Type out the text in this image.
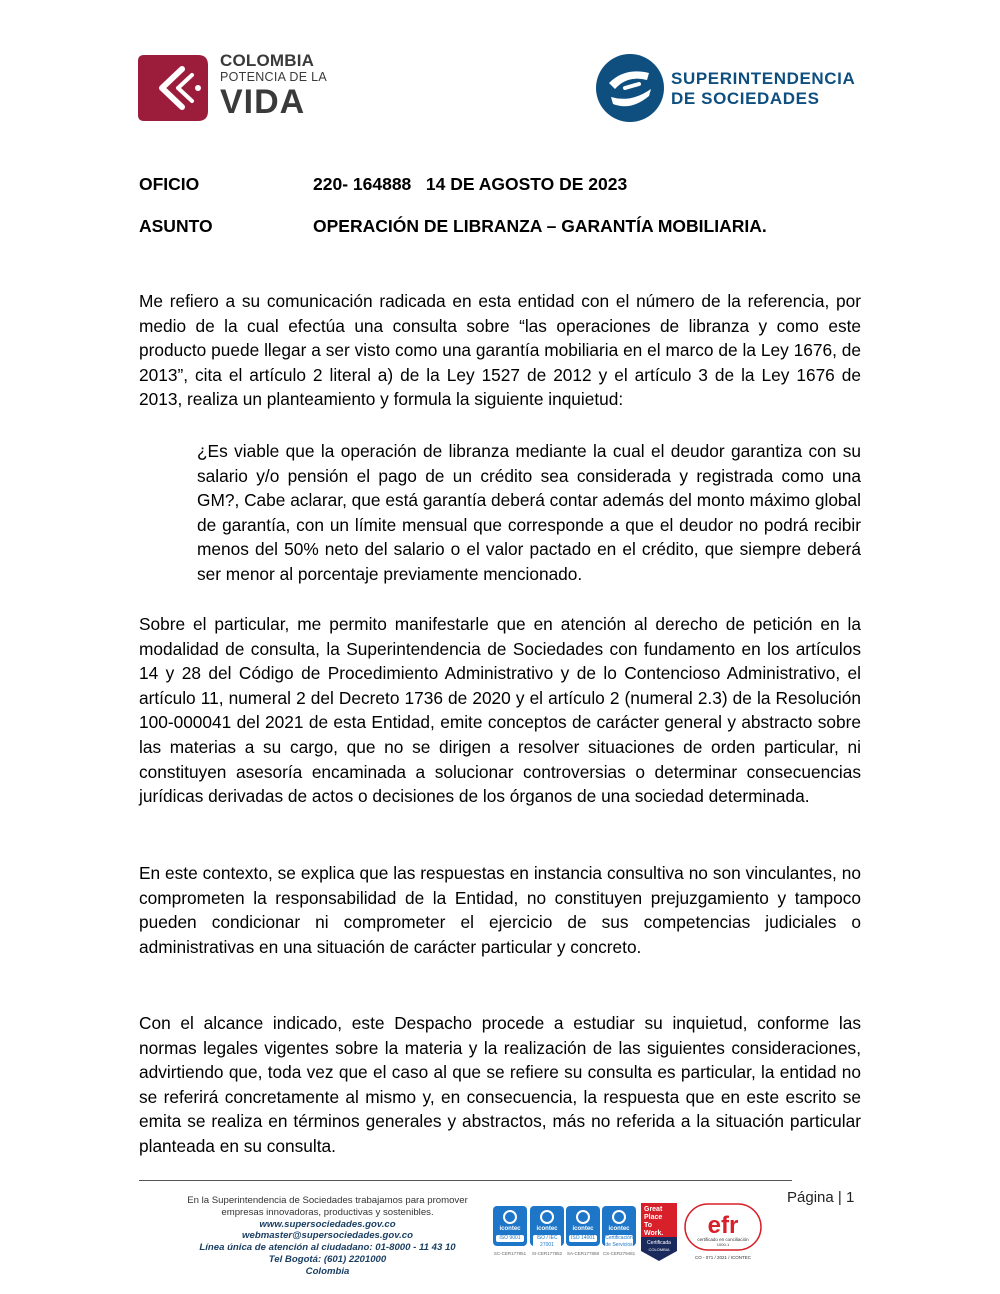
COLOMBIA
POTENCIA DE LA
VIDA
SUPERINTENDENCIA
DE SOCIEDADES
OFICIO	220- 164888   14 DE AGOSTO DE 2023
ASUNTO	OPERACIÓN DE LIBRANZA – GARANTÍA MOBILIARIA.

Me refiero a su comunicación radicada en esta entidad con el número de la referencia, por medio de la cual efectúa una consulta sobre “las operaciones de libranza y como este producto puede llegar a ser visto como una garantía mobiliaria en el marco de la Ley 1676, de 2013”, cita el artículo 2 literal a) de la Ley 1527 de 2012 y el artículo 3 de la Ley 1676 de 2013, realiza un planteamiento y formula la siguiente inquietud:

¿Es viable que la operación de libranza mediante la cual el deudor garantiza con su salario y/o pensión el pago de un crédito sea considerada y registrada como una GM?, Cabe aclarar, que está garantía deberá contar además del monto máximo global de garantía, con un límite mensual que corresponde a que el deudor no podrá recibir menos del 50% neto del salario o el valor pactado en el crédito, que siempre deberá ser menor al porcentaje previamente mencionado.

Sobre el particular, me permito manifestarle que en atención al derecho de petición en la modalidad de consulta, la Superintendencia de Sociedades con fundamento en los artículos 14 y 28 del Código de Procedimiento Administrativo y de lo Contencioso Administrativo, el artículo 11, numeral 2 del Decreto 1736 de 2020 y el artículo 2 (numeral 2.3) de la Resolución 100-000041 del 2021 de esta Entidad, emite conceptos de carácter general y abstracto sobre las materias a su cargo, que no se dirigen a resolver situaciones de orden particular, ni constituyen asesoría encaminada a solucionar controversias o determinar consecuencias jurídicas derivadas de actos o decisiones de los órganos de una sociedad determinada.

En este contexto, se explica que las respuestas en instancia consultiva no son vinculantes, no comprometen la responsabilidad de la Entidad, no constituyen prejuzgamiento y tampoco pueden condicionar ni comprometer el ejercicio de sus competencias judiciales o administrativas en una situación de carácter particular y concreto.

Con el alcance indicado, este Despacho procede a estudiar su inquietud, conforme las normas legales vigentes sobre la materia y la realización de las siguientes consideraciones, advirtiendo que, toda vez que el caso al que se refiere su consulta es particular, la entidad no se referirá concretamente al mismo y, en consecuencia, la respuesta que en este escrito se emita se realiza en términos generales y abstractos, más no referida a la situación particular planteada en su consulta.

Página | 1
En la Superintendencia de Sociedades trabajamos para promover
empresas innovadoras, productivas y sostenibles.
www.supersociedades.gov.co
webmaster@supersociedades.gov.co
Línea única de atención al ciudadano: 01-8000 - 11 43 10
Tel Bogotá: (601) 2201000
Colombia
icontec
ISO 9001
SC-CER177851
icontec
ISO / IEC 27001
SI-CER177852
icontec
ISO 14001
SA-CER177858
icontec
Certificación de Servicios
CS-CER279481
Great
Place
To
Work.
Certificada
COLOMBIA
efr
certificado en conciliación
1000-1
CO - 071 / 2021 / ICONTEC
